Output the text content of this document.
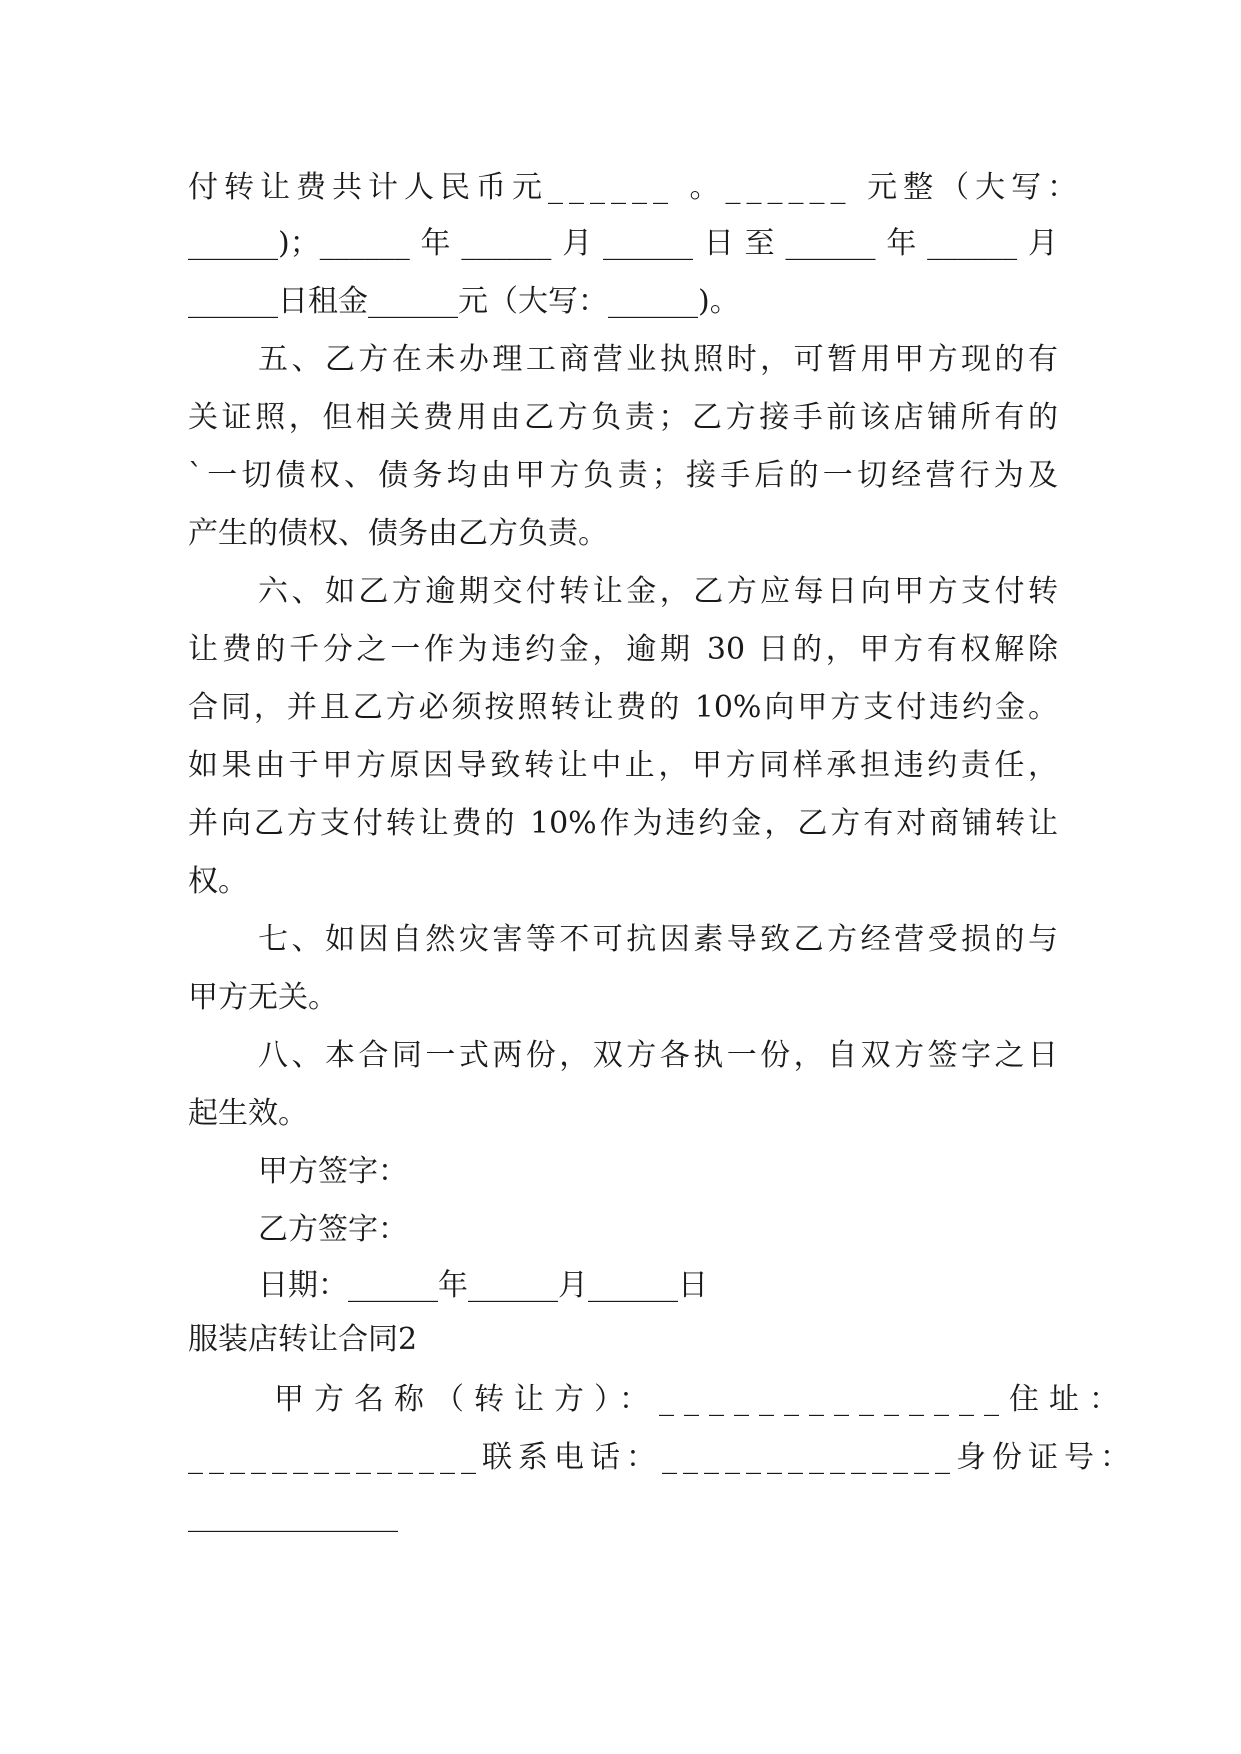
付转让费共计人民币元______ 。______ 元整（大写：
______)；______年______月______日至______年______月
______日租金______元（大写：______)。
五、乙方在未办理工商营业执照时，可暂用甲方现的有
关证照，但相关费用由乙方负责；乙方接手前该店铺所有的
`一切债权、债务均由甲方负责；接手后的一切经营行为及
产生的债权、债务由乙方负责。
六、如乙方逾期交付转让金，乙方应每日向甲方支付转
让费的千分之一作为违约金，逾期 30 日的，甲方有权解除
合同，并且乙方必须按照转让费的 10%向甲方支付违约金。
如果由于甲方原因导致转让中止，甲方同样承担违约责任，
并向乙方支付转让费的 10%作为违约金，乙方有对商铺转让
权。
七、如因自然灾害等不可抗因素导致乙方经营受损的与
甲方无关。
八、本合同一式两份，双方各执一份，自双方签字之日
起生效。
甲方签字：
乙方签字：
日期：______年______月______日
服装店转让合同2
甲方名称（转让方）：______________住址：
______________联系电话：______________身份证号：
______________
